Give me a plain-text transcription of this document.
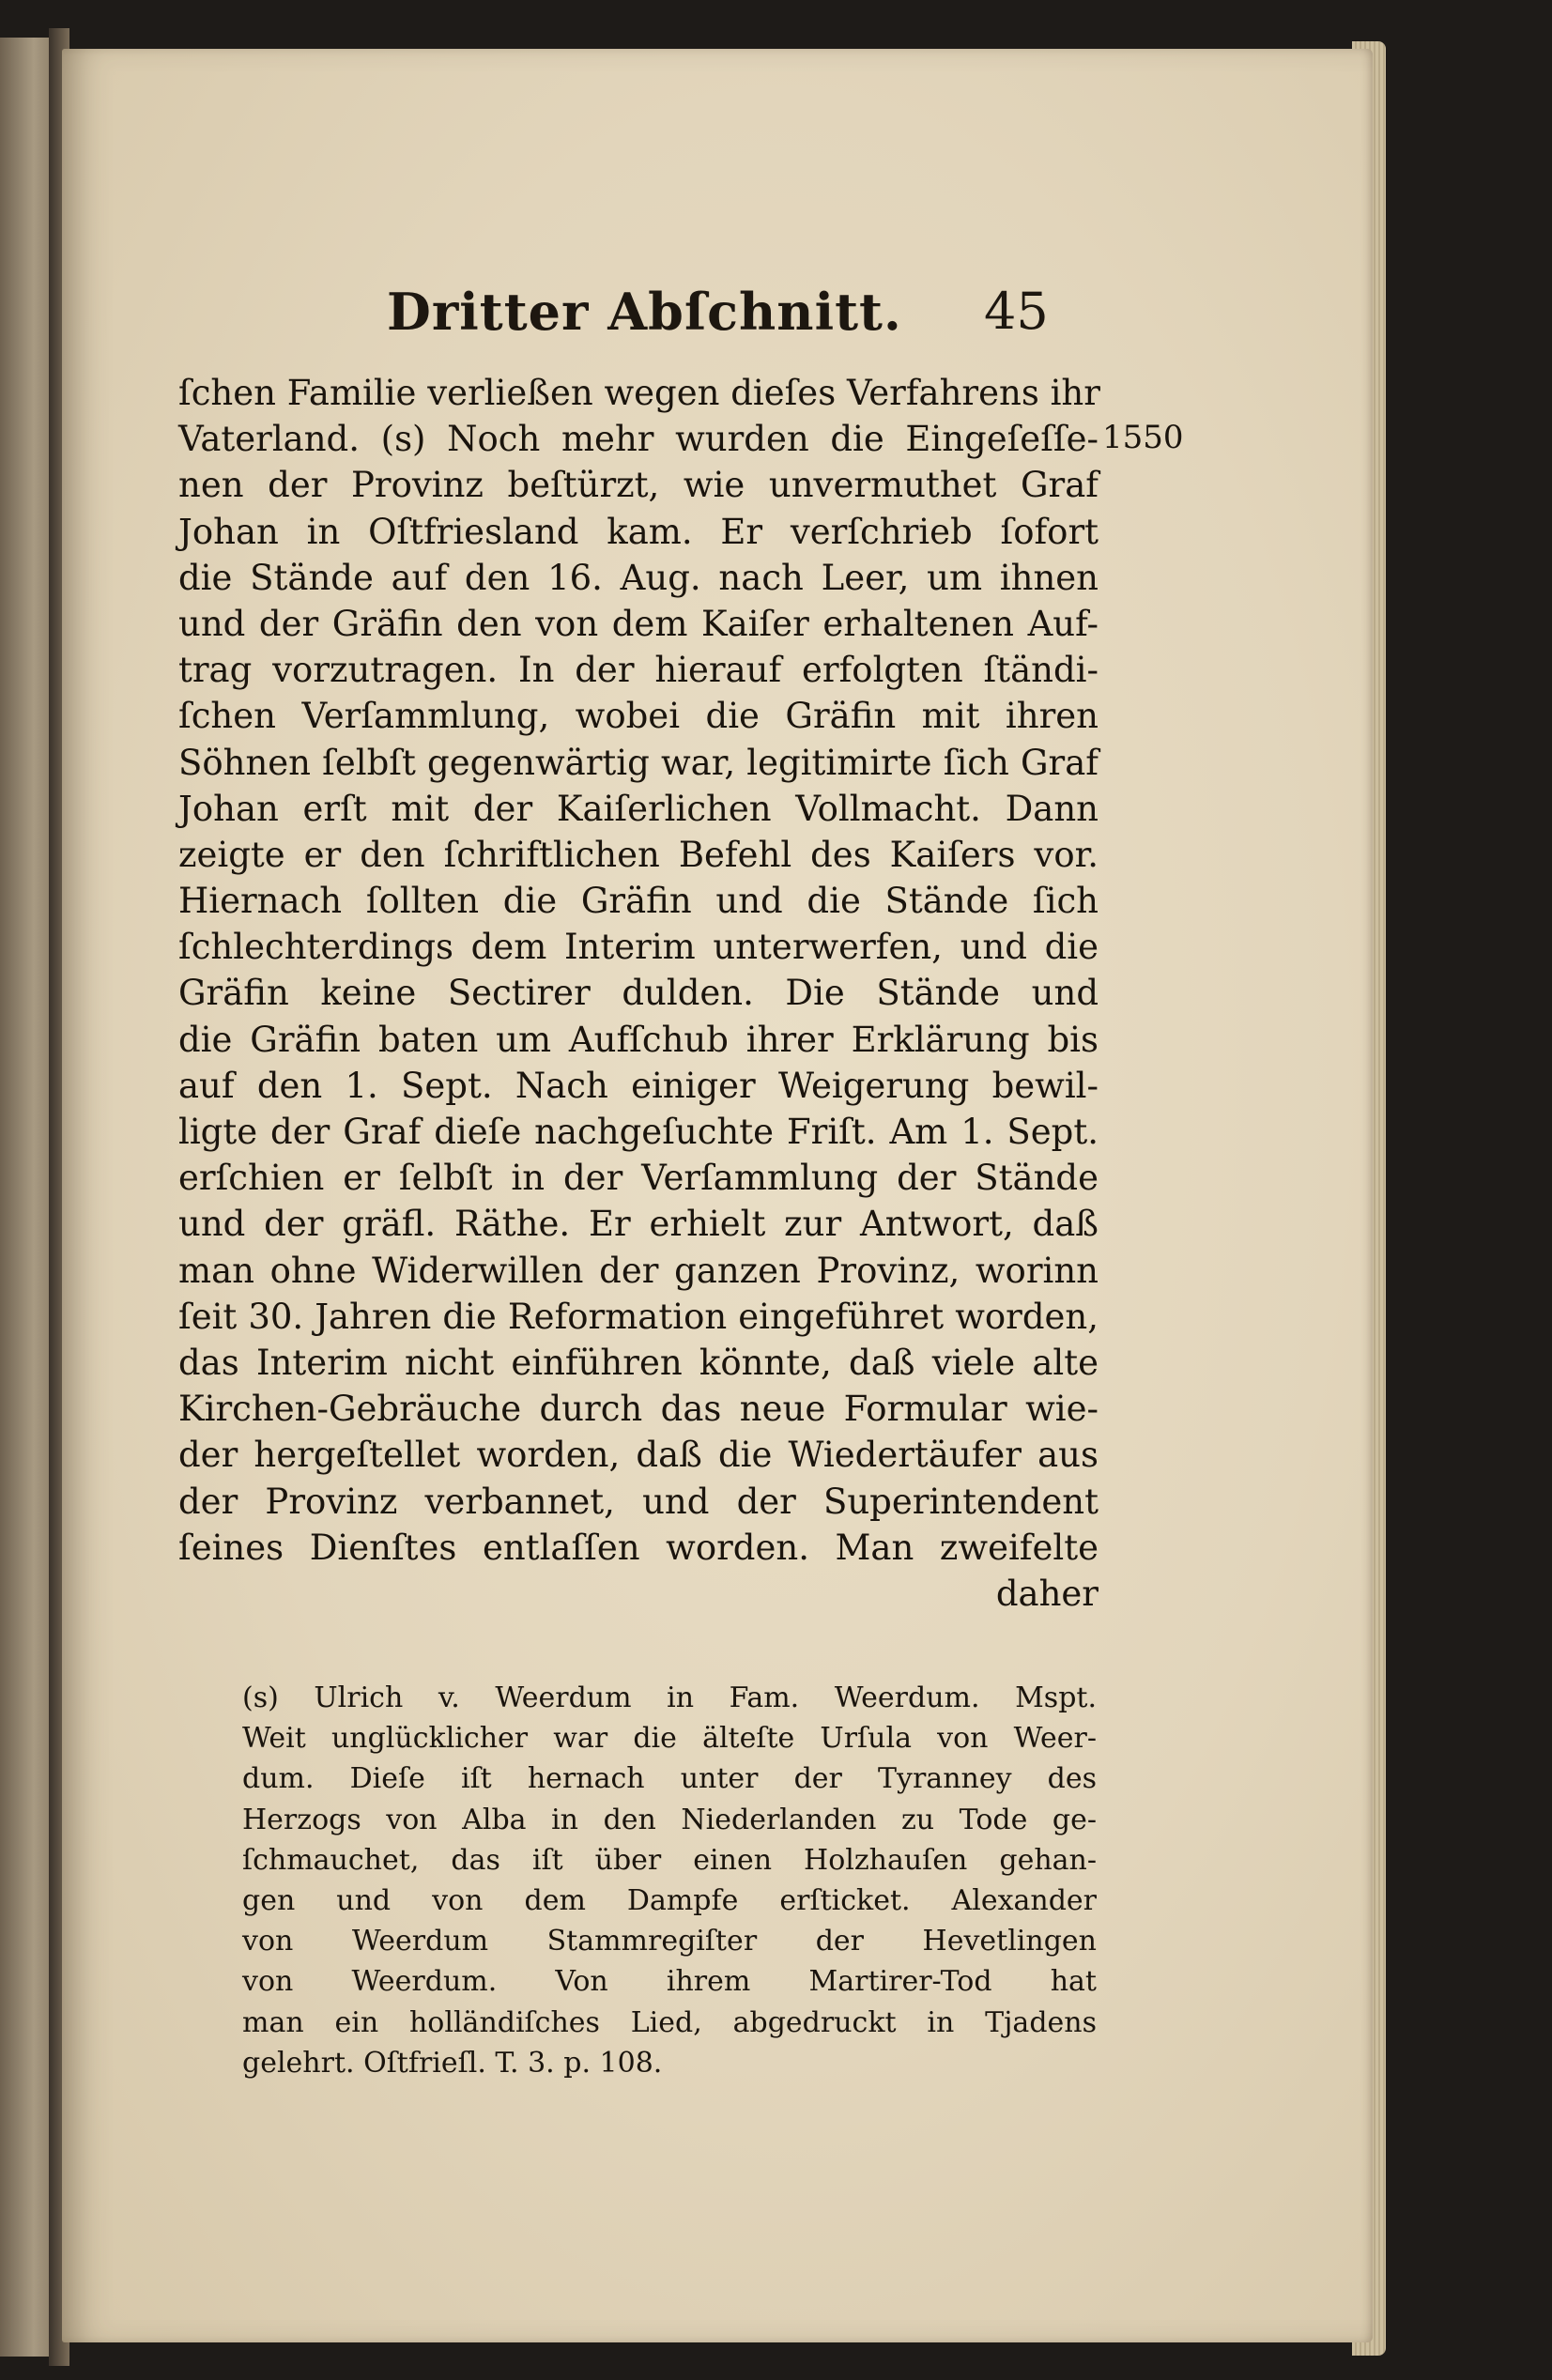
Dritter Abſchnitt. 45
1550
ſchen Familie verließen wegen dieſes Verfahrens ihr
Vaterland. (s) Noch mehr wurden die Eingeſeſſe-
nen der Provinz beſtürzt, wie unvermuthet Graf
Johan in Oſtfriesland kam. Er verſchrieb ſofort
die Stände auf den 16. Aug. nach Leer, um ihnen
und der Gräfin den von dem Kaiſer erhaltenen Auf-
trag vorzutragen. In der hierauf erfolgten ſtändi-
ſchen Verſammlung, wobei die Gräfin mit ihren
Söhnen ſelbſt gegenwärtig war, legitimirte ſich Graf
Johan erſt mit der Kaiſerlichen Vollmacht. Dann
zeigte er den ſchriftlichen Befehl des Kaiſers vor.
Hiernach ſollten die Gräfin und die Stände ſich
ſchlechterdings dem Interim unterwerfen, und die
Gräfin keine Sectirer dulden. Die Stände und
die Gräfin baten um Aufſchub ihrer Erklärung bis
auf den 1. Sept. Nach einiger Weigerung bewil-
ligte der Graf dieſe nachgeſuchte Friſt. Am 1. Sept.
erſchien er ſelbſt in der Verſammlung der Stände
und der gräfl. Räthe. Er erhielt zur Antwort, daß
man ohne Widerwillen der ganzen Provinz, worinn
ſeit 30. Jahren die Reformation eingeführet worden,
das Interim nicht einführen könnte, daß viele alte
Kirchen-Gebräuche durch das neue Formular wie-
der hergeſtellet worden, daß die Wiedertäufer aus
der Provinz verbannet, und der Superintendent
ſeines Dienſtes entlaſſen worden. Man zweifelte
daher
(s) Ulrich v. Weerdum in Fam. Weerdum. Mspt.
Weit unglücklicher war die älteſte Urſula von Weer-
dum. Dieſe iſt hernach unter der Tyranney des
Herzogs von Alba in den Niederlanden zu Tode ge-
ſchmauchet, das iſt über einen Holzhauſen gehan-
gen und von dem Dampfe erſticket. Alexander
von Weerdum Stammregiſter der Hevetlingen
von Weerdum. Von ihrem Martirer-Tod hat
man ein holländiſches Lied, abgedruckt in Tjadens
gelehrt. Oſtfrieſl. T. 3. p. 108.
